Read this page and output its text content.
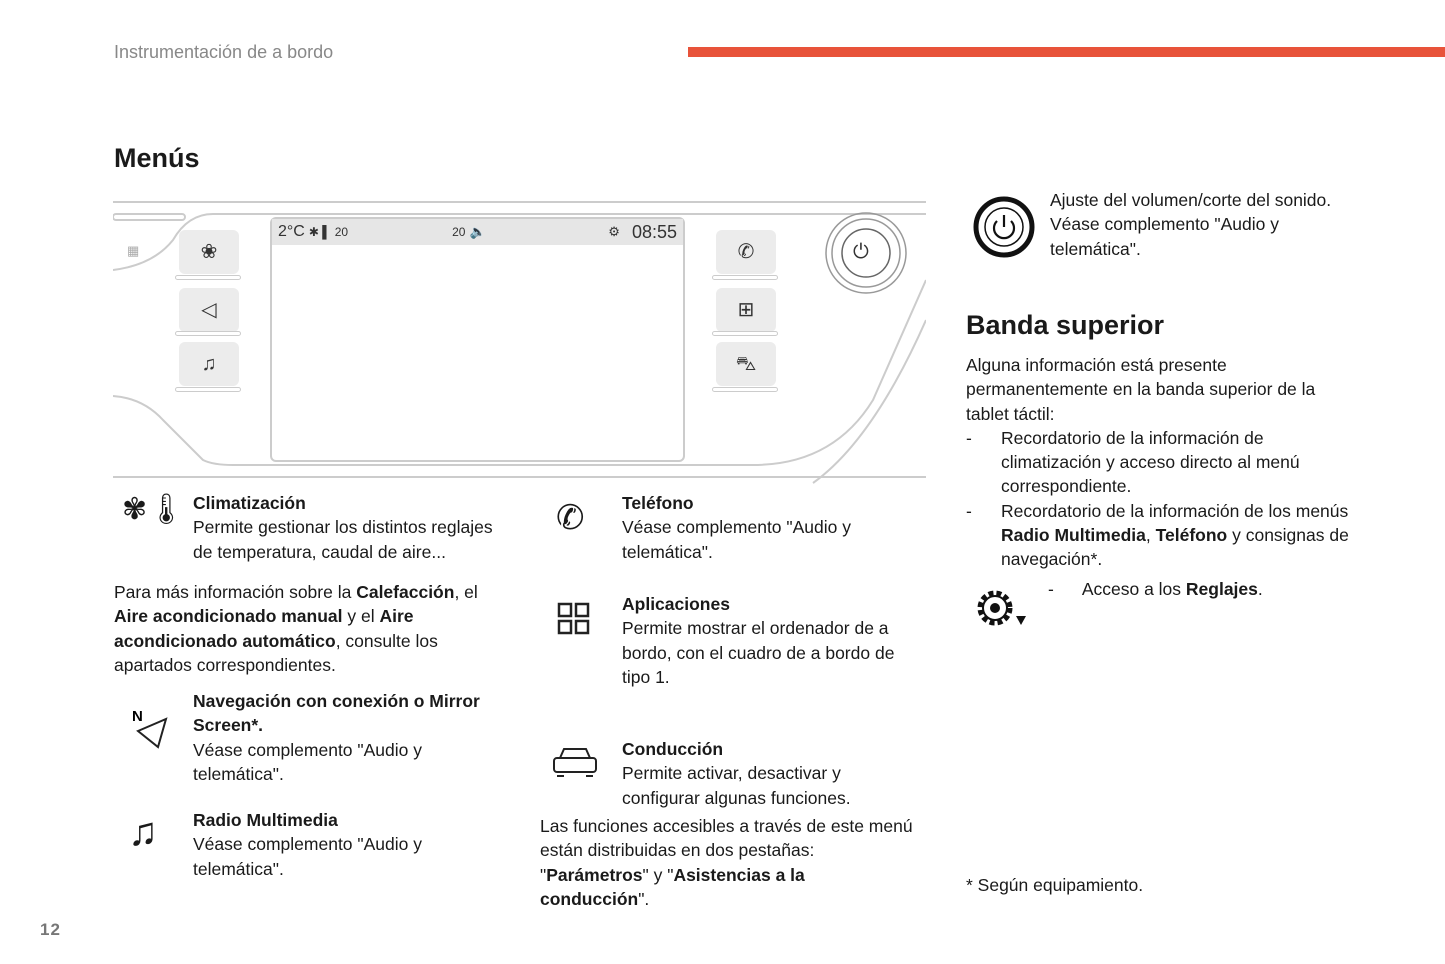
Instrumentación de a bordo
Menús
▦
2°C ✱ ▌ 20	20 🔈	⚙ 08:55
❀
◁
♫
✆
⊞
⛍
⏻
✾🌡 Climatización
Permite gestionar los distintos reglajes de temperatura, caudal de aire...
Para más información sobre la Calefacción, el Aire acondicionado manual y el Aire acondicionado automático, consulte los apartados correspondientes.
N
Navegación con conexión o Mirror Screen*.
Véase complemento "Audio y telemática".
♫ Radio Multimedia
Véase complemento "Audio y telemática".
✆ Teléfono
Véase complemento "Audio y telemática".
Aplicaciones
Permite mostrar el ordenador de a bordo, con el cuadro de a bordo de tipo 1.
Conducción
Permite activar, desactivar y configurar algunas funciones.
Las funciones accesibles a través de este menú están distribuidas en dos pestañas: "Parámetros" y "Asistencias a la conducción".
Ajuste del volumen/corte del sonido. Véase complemento "Audio y telemática".
Banda superior
Alguna información está presente permanentemente en la banda superior de la tablet táctil:
- Recordatorio de la información de climatización y acceso directo al menú correspondiente.
- Recordatorio de la información de los menús Radio Multimedia, Teléfono y consignas de navegación*.
- Acceso a los Reglajes.
* Según equipamiento.
12
